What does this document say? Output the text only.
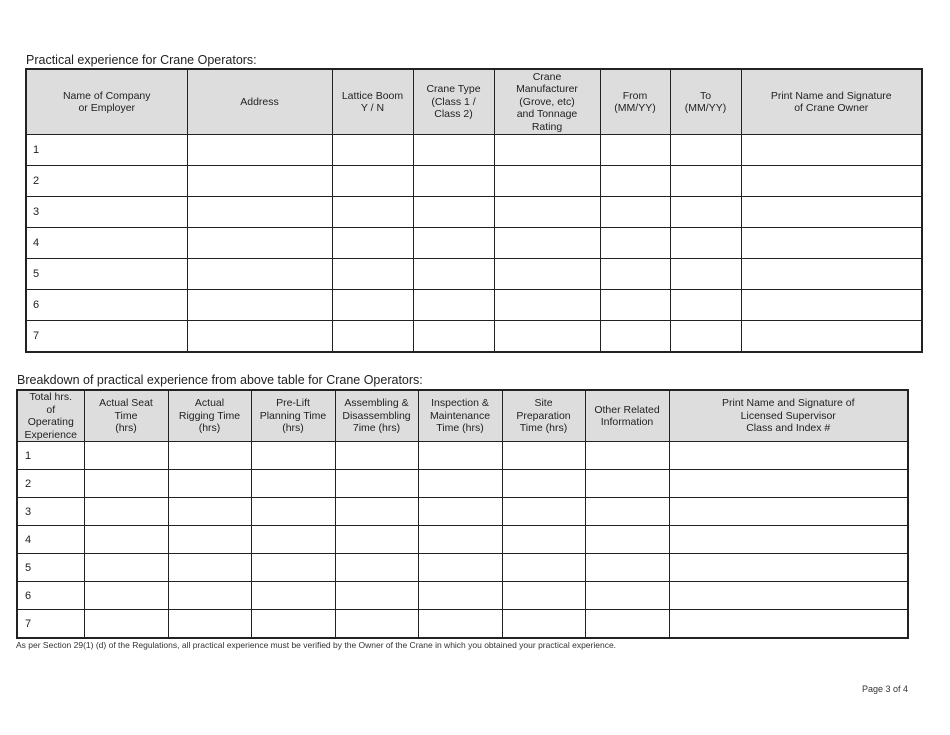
Practical experience for Crane Operators:
Name of Company
or Employer	Address	Lattice Boom
Y / N	Crane Type
(Class 1 /
Class 2)	Crane
Manufacturer
(Grove, etc)
and Tonnage
Rating	From
(MM/YY)	To
(MM/YY)	Print Name and Signature
of Crane Owner
1							
2							
3							
4							
5							
6							
7							
Breakdown of practical experience from above table for Crane Operators:
Total hrs.
of
Operating
Experience	Actual Seat
Time
(hrs)	Actual
Rigging Time
(hrs)	Pre-Lift
Planning Time
(hrs)	Assembling &
Disassembling
7ime (hrs)	Inspection &
Maintenance
Time (hrs)	Site
Preparation
Time (hrs)	Other Related
Information	Print Name and Signature of
Licensed Supervisor
Class and Index #
1								
2								
3								
4								
5								
6								
7								
As per Section 29(1) (d) of the Regulations, all practical experience must be verified by the Owner of the Crane in which you obtained your practical experience.
Page 3 of 4
